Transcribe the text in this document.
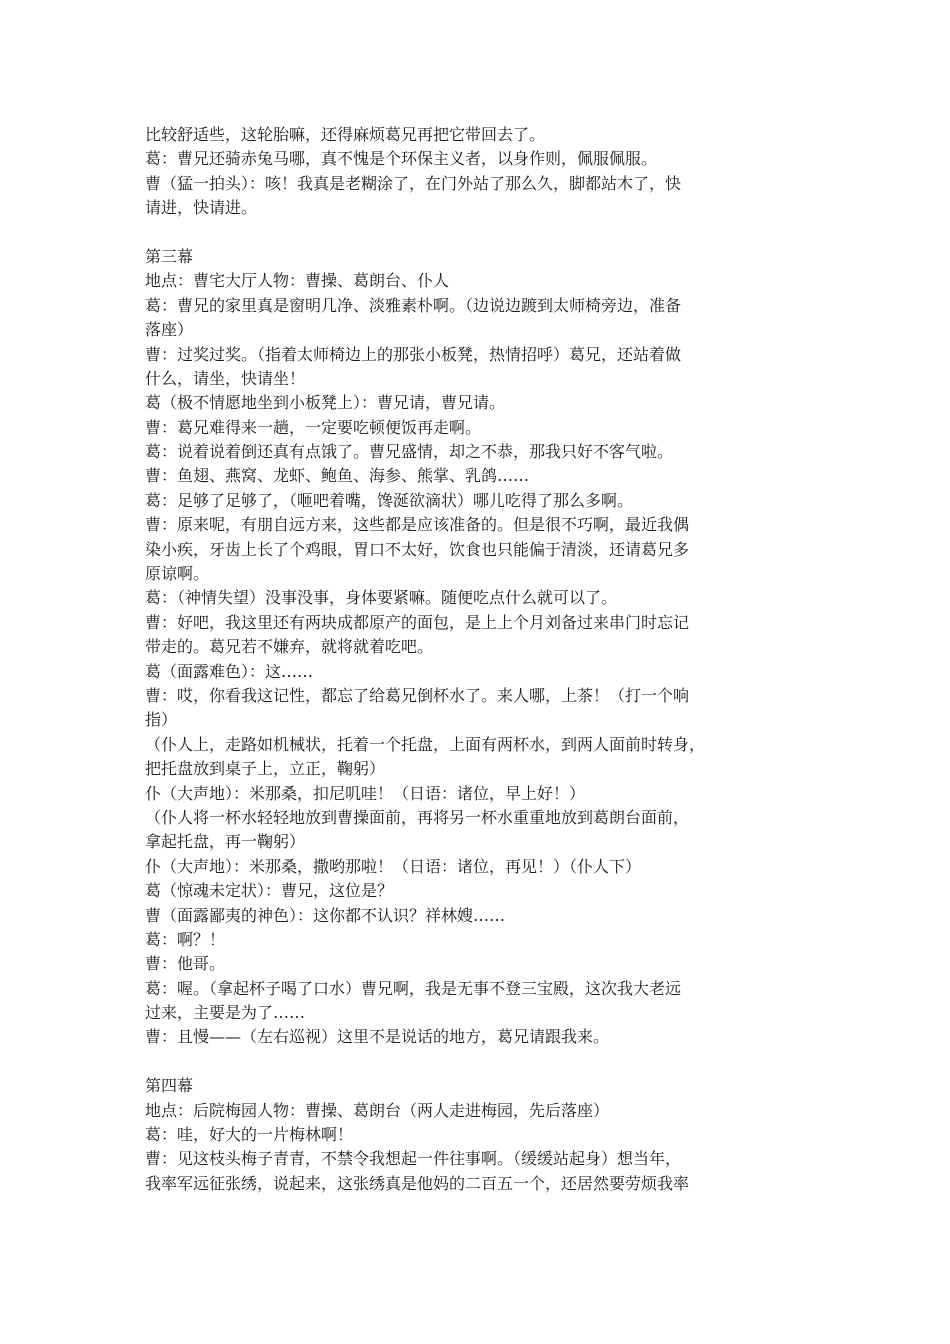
比较舒适些，这轮胎嘛，还得麻烦葛兄再把它带回去了。

葛：曹兄还骑赤兔马哪，真不愧是个环保主义者，以身作则，佩服佩服。

曹（猛一拍头）：咳！我真是老糊涂了，在门外站了那么久，脚都站木了，快

请进，快请进。

第三幕

地点：曹宅大厅人物：曹操、葛朗台、仆人

葛：曹兄的家里真是窗明几净、淡雅素朴啊。（边说边踱到太师椅旁边，准备

落座）

曹：过奖过奖。（指着太师椅边上的那张小板凳，热情招呼）葛兄，还站着做

什么，请坐，快请坐！

葛（极不情愿地坐到小板凳上）：曹兄请，曹兄请。

曹：葛兄难得来一趟，一定要吃顿便饭再走啊。

葛：说着说着倒还真有点饿了。曹兄盛情，却之不恭，那我只好不客气啦。

曹：鱼翅、燕窝、龙虾、鲍鱼、海参、熊掌、乳鸽……

葛：足够了足够了，（咂吧着嘴，馋涎欲滴状）哪儿吃得了那么多啊。

曹：原来呢，有朋自远方来，这些都是应该准备的。但是很不巧啊，最近我偶

染小疾，牙齿上长了个鸡眼，胃口不太好，饮食也只能偏于清淡，还请葛兄多

原谅啊。

葛：（神情失望）没事没事，身体要紧嘛。随便吃点什么就可以了。

曹：好吧，我这里还有两块成都原产的面包，是上上个月刘备过来串门时忘记

带走的。葛兄若不嫌弃，就将就着吃吧。

葛（面露难色）：这……

曹：哎，你看我这记性，都忘了给葛兄倒杯水了。来人哪，上茶！（打一个响

指）

（仆人上，走路如机械状，托着一个托盘，上面有两杯水，到两人面前时转身，

把托盘放到桌子上，立正，鞠躬）

仆（大声地）：米那桑，扣尼叽哇！（日语：诸位，早上好！）

（仆人将一杯水轻轻地放到曹操面前，再将另一杯水重重地放到葛朗台面前，

拿起托盘，再一鞠躬）

仆（大声地）：米那桑，撒哟那啦！（日语：诸位，再见！）（仆人下）

葛（惊魂未定状）：曹兄，这位是？

曹（面露鄙夷的神色）：这你都不认识？祥林嫂……

葛：啊？！

曹：他哥。

葛：喔。（拿起杯子喝了口水）曹兄啊，我是无事不登三宝殿，这次我大老远

过来，主要是为了……

曹：且慢——（左右巡视）这里不是说话的地方，葛兄请跟我来。

第四幕

地点：后院梅园人物：曹操、葛朗台（两人走进梅园，先后落座）

葛：哇，好大的一片梅林啊！

曹：见这枝头梅子青青，不禁令我想起一件往事啊。（缓缓站起身）想当年，

我率军远征张绣，说起来，这张绣真是他妈的二百五一个，还居然要劳烦我率
